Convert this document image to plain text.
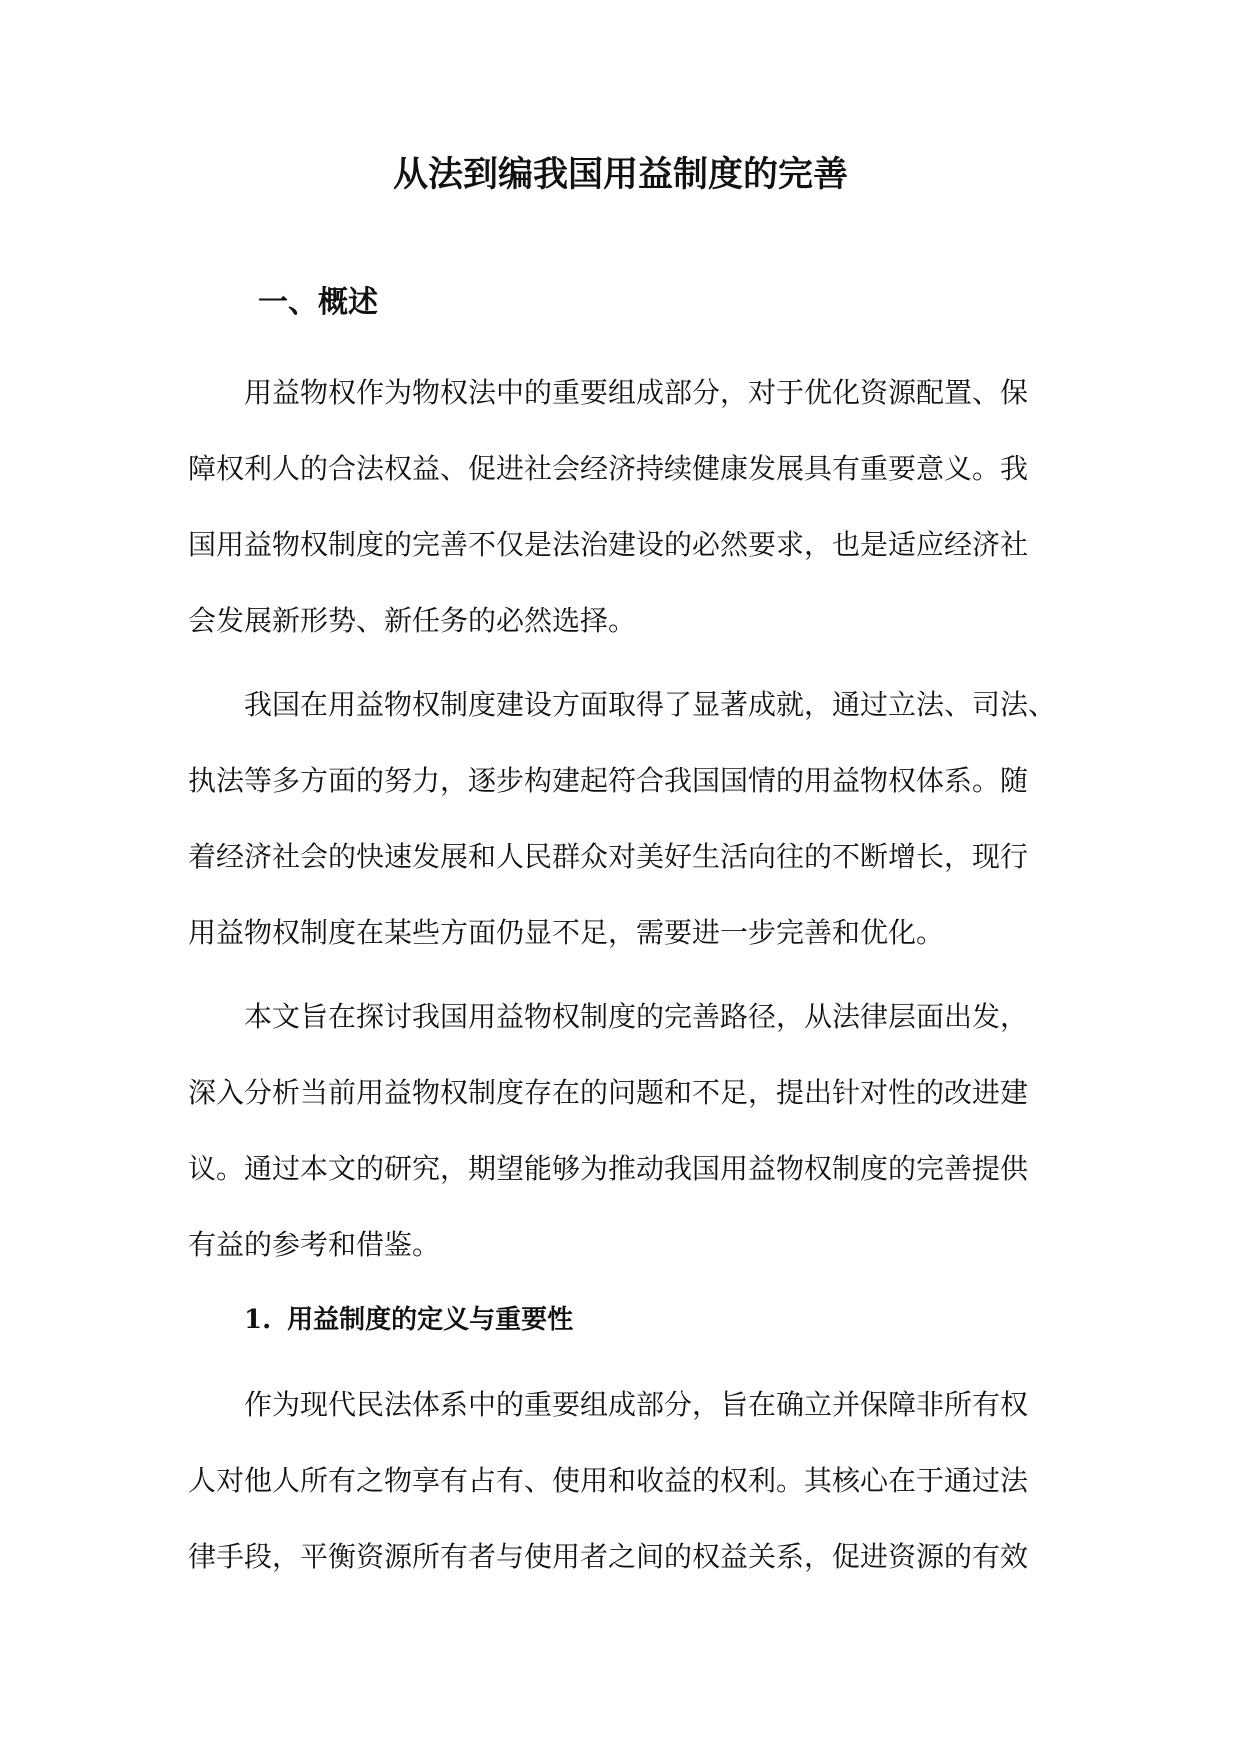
从法到编我国用益制度的完善
一、概述

用益物权作为物权法中的重要组成部分，对于优化资源配置、保
障权利人的合法权益、促进社会经济持续健康发展具有重要意义。我
国用益物权制度的完善不仅是法治建设的必然要求，也是适应经济社
会发展新形势、新任务的必然选择。

我国在用益物权制度建设方面取得了显著成就，通过立法、司法、
执法等多方面的努力，逐步构建起符合我国国情的用益物权体系。随
着经济社会的快速发展和人民群众对美好生活向往的不断增长，现行
用益物权制度在某些方面仍显不足，需要进一步完善和优化。

本文旨在探讨我国用益物权制度的完善路径，从法律层面出发，
深入分析当前用益物权制度存在的问题和不足，提出针对性的改进建
议。通过本文的研究，期望能够为推动我国用益物权制度的完善提供
有益的参考和借鉴。

1. 用益制度的定义与重要性

作为现代民法体系中的重要组成部分，旨在确立并保障非所有权
人对他人所有之物享有占有、使用和收益的权利。其核心在于通过法
律手段，平衡资源所有者与使用者之间的权益关系，促进资源的有效
